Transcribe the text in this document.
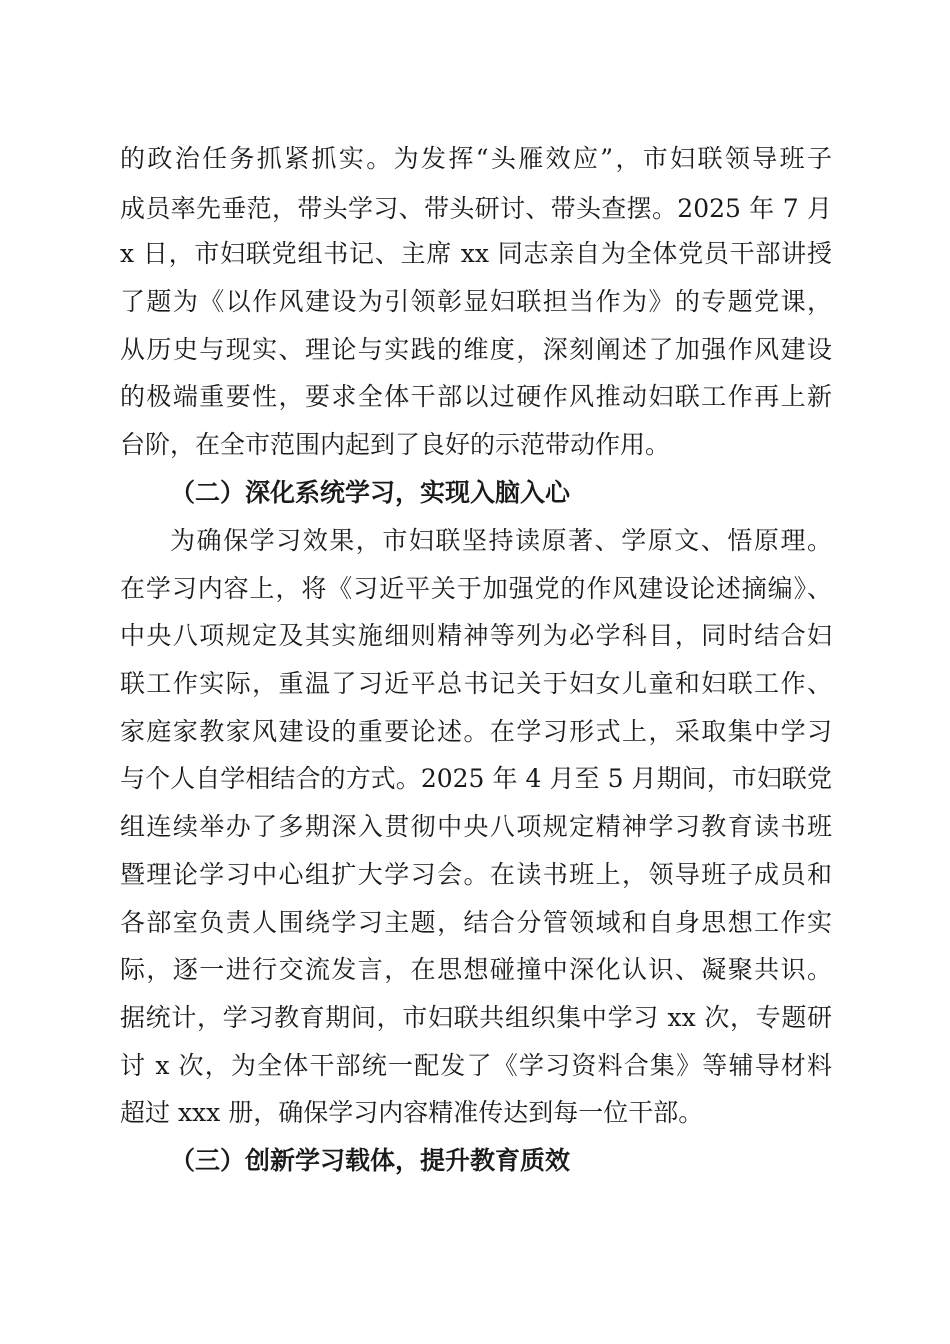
的政治任务抓紧抓实。为发挥“头雁效应”，市妇联领导班子
成员率先垂范，带头学习、带头研讨、带头查摆。2025 年 7 月
x 日，市妇联党组书记、主席 xx 同志亲自为全体党员干部讲授
了题为《以作风建设为引领彰显妇联担当作为》的专题党课，
从历史与现实、理论与实践的维度，深刻阐述了加强作风建设
的极端重要性，要求全体干部以过硬作风推动妇联工作再上新
台阶，在全市范围内起到了良好的示范带动作用。
（二）深化系统学习，实现入脑入心
为确保学习效果，市妇联坚持读原著、学原文、悟原理。
在学习内容上，将《习近平关于加强党的作风建设论述摘编》、
中央八项规定及其实施细则精神等列为必学科目，同时结合妇
联工作实际，重温了习近平总书记关于妇女儿童和妇联工作、
家庭家教家风建设的重要论述。在学习形式上，采取集中学习
与个人自学相结合的方式。2025 年 4 月至 5 月期间，市妇联党
组连续举办了多期深入贯彻中央八项规定精神学习教育读书班
暨理论学习中心组扩大学习会。在读书班上，领导班子成员和
各部室负责人围绕学习主题，结合分管领域和自身思想工作实
际，逐一进行交流发言，在思想碰撞中深化认识、凝聚共识。
据统计，学习教育期间，市妇联共组织集中学习 xx 次，专题研
讨 x 次，为全体干部统一配发了《学习资料合集》等辅导材料
超过 xxx 册，确保学习内容精准传达到每一位干部。
（三）创新学习载体，提升教育质效
